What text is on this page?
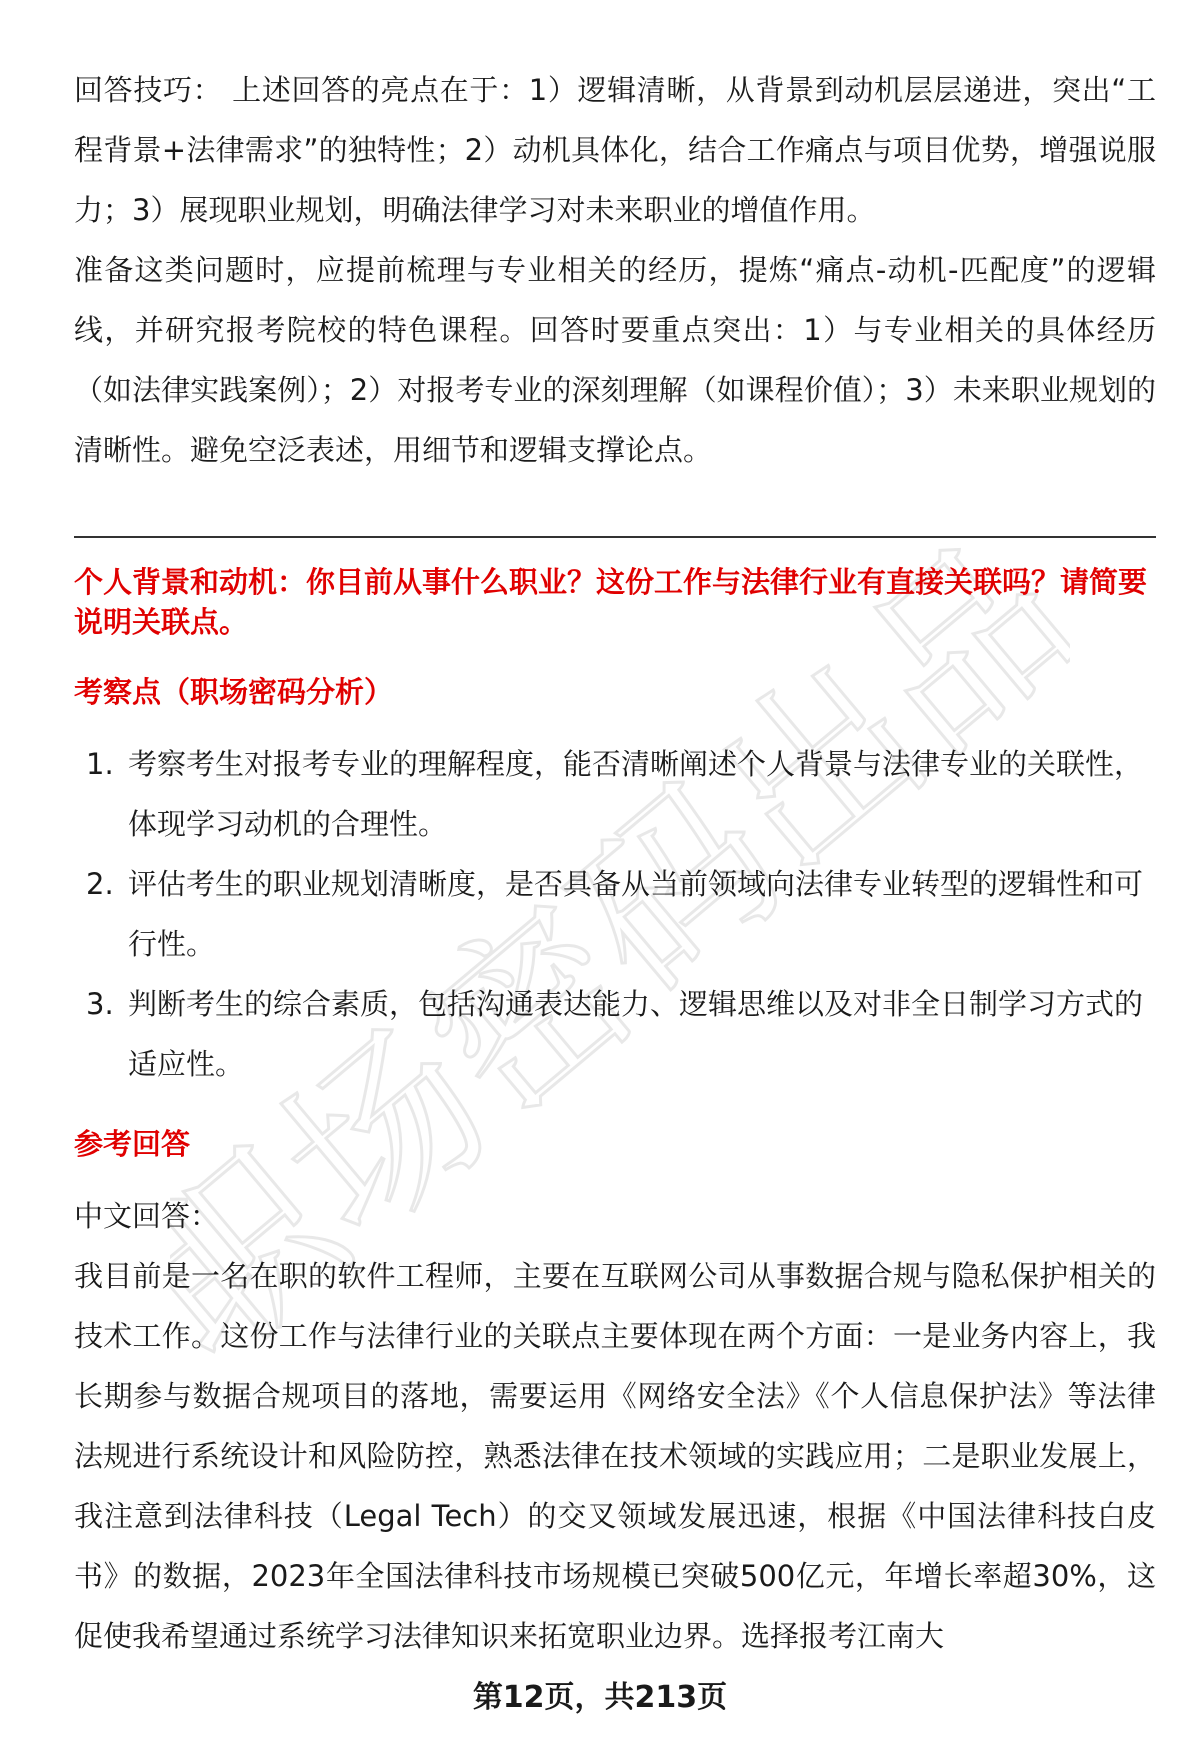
职场密码出品

回答技巧： 上述回答的亮点在于：1）逻辑清晰，从背景到动机层层递进，突出“工程背景+法律需求”的独特性；2）动机具体化，结合工作痛点与项目优势，增强说服力；3）展现职业规划，明确法律学习对未来职业的增值作用。

准备这类问题时，应提前梳理与专业相关的经历，提炼“痛点-动机-匹配度”的逻辑线，并研究报考院校的特色课程。回答时要重点突出：1）与专业相关的具体经历（如法律实践案例）；2）对报考专业的深刻理解（如课程价值）；3）未来职业规划的清晰性。避免空泛表述，用细节和逻辑支撑论点。

个人背景和动机：你目前从事什么职业？这份工作与法律行业有直接关联吗？请简要说明关联点。

考察点（职场密码分析）

1. 考察考生对报考专业的理解程度，能否清晰阐述个人背景与法律专业的关联性，体现学习动机的合理性。
2. 评估考生的职业规划清晰度，是否具备从当前领域向法律专业转型的逻辑性和可行性。
3. 判断考生的综合素质，包括沟通表达能力、逻辑思维以及对非全日制学习方式的适应性。

参考回答

中文回答：

我目前是一名在职的软件工程师，主要在互联网公司从事数据合规与隐私保护相关的技术工作。这份工作与法律行业的关联点主要体现在两个方面：一是业务内容上，我长期参与数据合规项目的落地，需要运用《网络安全法》《个人信息保护法》等法律法规进行系统设计和风险防控，熟悉法律在技术领域的实践应用；二是职业发展上，我注意到法律科技（Legal Tech）的交叉领域发展迅速，根据《中国法律科技白皮书》的数据，2023年全国法律科技市场规模已突破500亿元，年增长率超30%，这促使我希望通过系统学习法律知识来拓宽职业边界。选择报考江南大

第12页，共213页
